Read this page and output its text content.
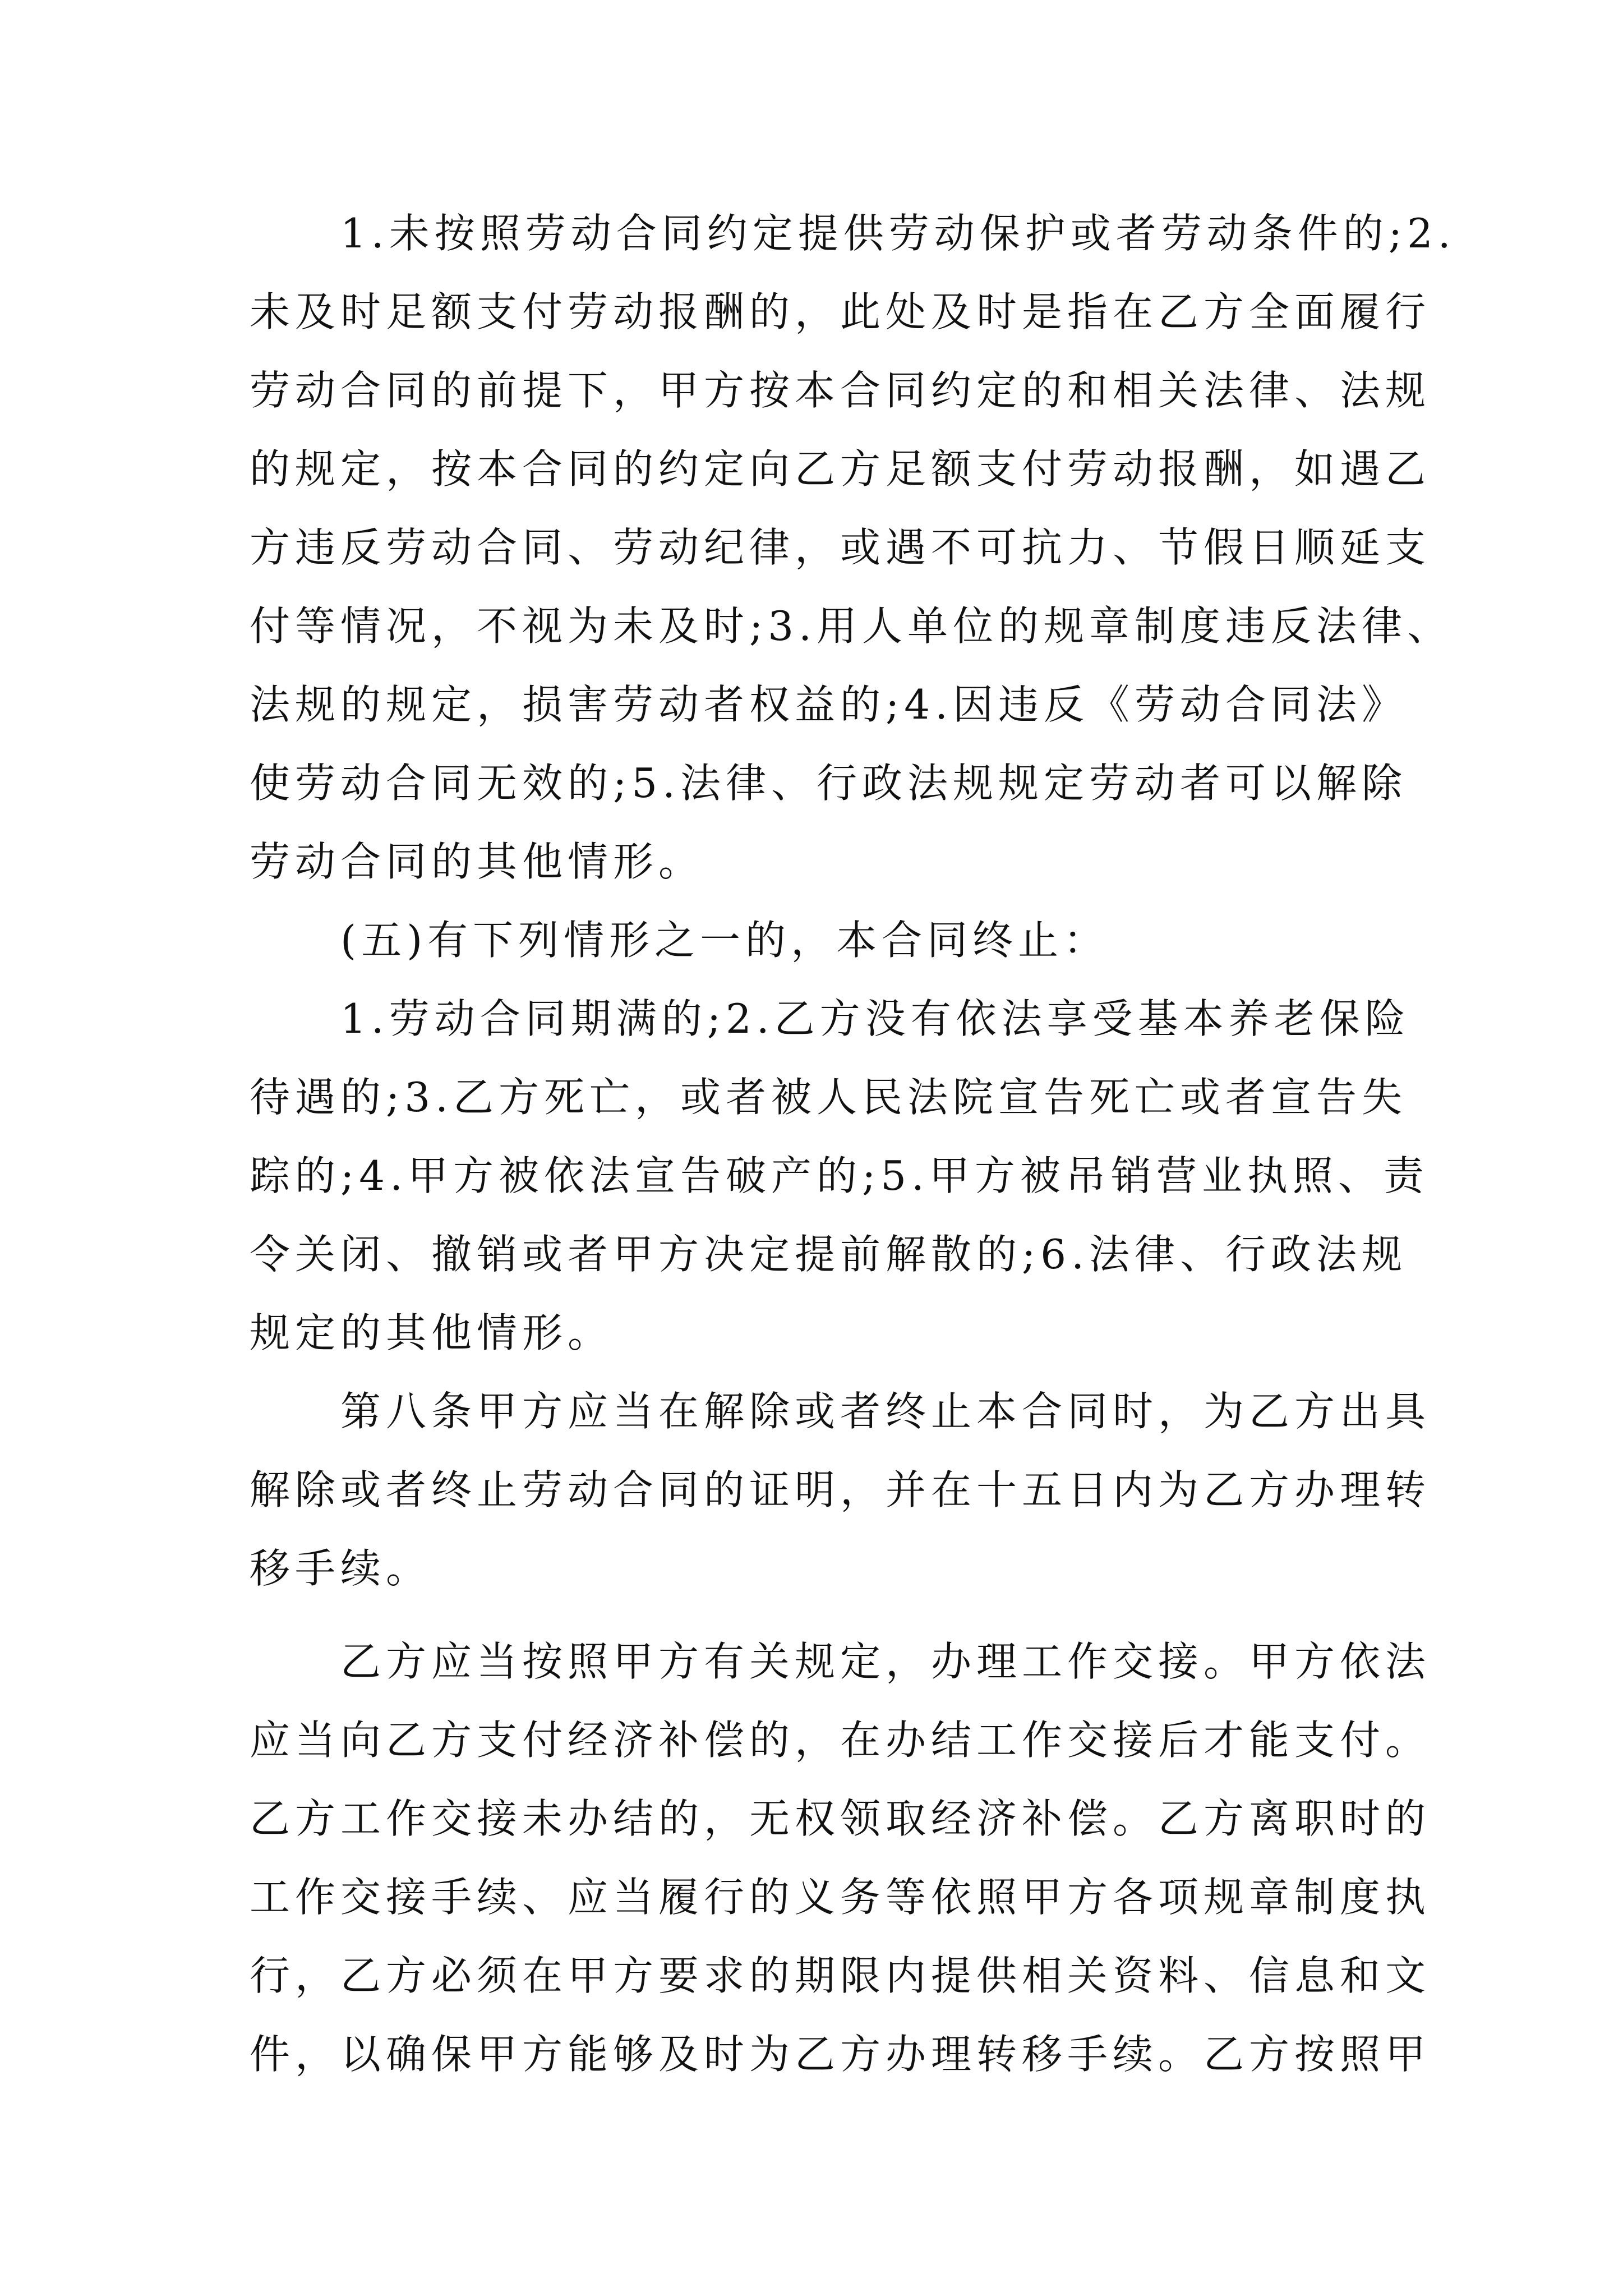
　　1.未按照劳动合同约定提供劳动保护或者劳动条件的;2.
未及时足额支付劳动报酬的，此处及时是指在乙方全面履行
劳动合同的前提下，甲方按本合同约定的和相关法律、法规
的规定，按本合同的约定向乙方足额支付劳动报酬，如遇乙
方违反劳动合同、劳动纪律，或遇不可抗力、节假日顺延支
付等情况，不视为未及时;3.用人单位的规章制度违反法律、
法规的规定，损害劳动者权益的;4.因违反《劳动合同法》
使劳动合同无效的;5.法律、行政法规规定劳动者可以解除
劳动合同的其他情形。
　　(五)有下列情形之一的，本合同终止：
　　1.劳动合同期满的;2.乙方没有依法享受基本养老保险
待遇的;3.乙方死亡，或者被人民法院宣告死亡或者宣告失
踪的;4.甲方被依法宣告破产的;5.甲方被吊销营业执照、责
令关闭、撤销或者甲方决定提前解散的;6.法律、行政法规
规定的其他情形。
　　第八条甲方应当在解除或者终止本合同时，为乙方出具
解除或者终止劳动合同的证明，并在十五日内为乙方办理转
移手续。
　　乙方应当按照甲方有关规定，办理工作交接。甲方依法
应当向乙方支付经济补偿的，在办结工作交接后才能支付。
乙方工作交接未办结的，无权领取经济补偿。乙方离职时的
工作交接手续、应当履行的义务等依照甲方各项规章制度执
行，乙方必须在甲方要求的期限内提供相关资料、信息和文
件，以确保甲方能够及时为乙方办理转移手续。乙方按照甲
